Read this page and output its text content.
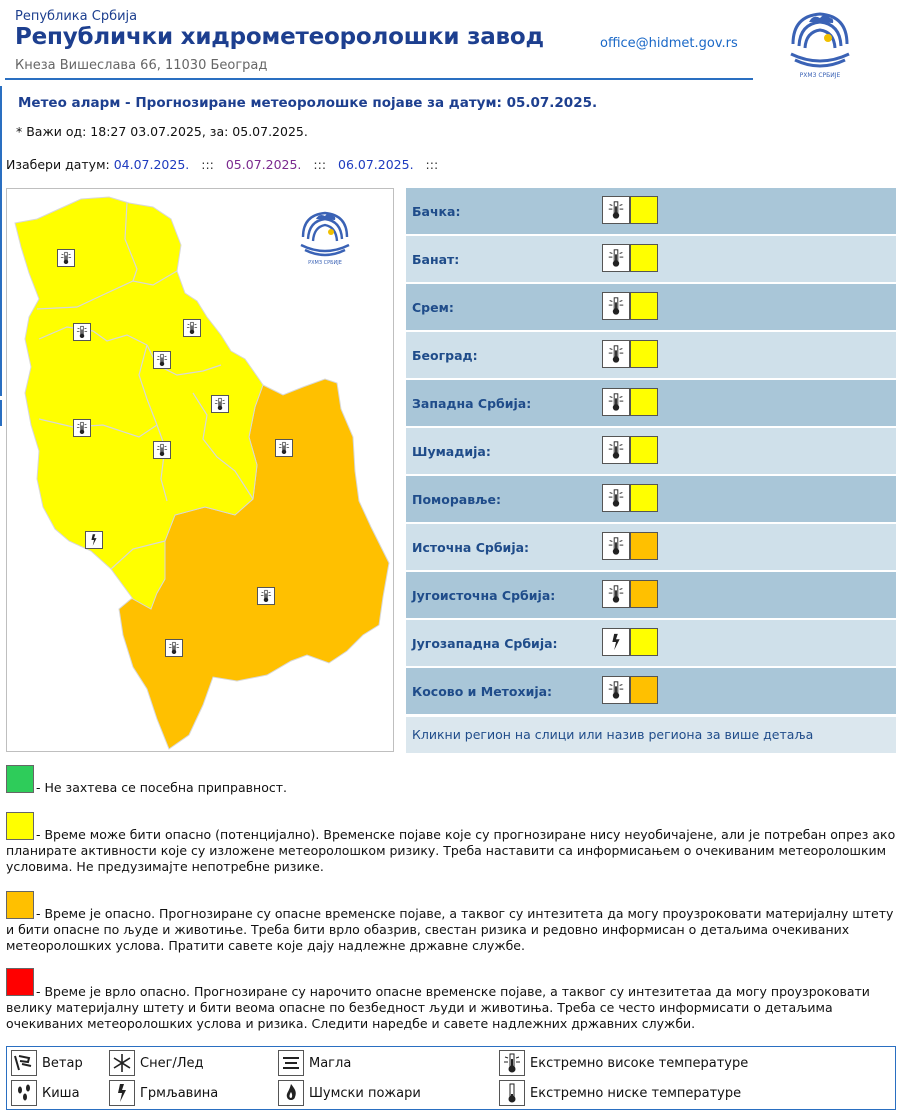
Република Србија
Републички хидрометеоролошки завод
Кнеза Вишеслава 66, 11030 Београд
office@hidmet.gov.rs
РХМЗ СРБИЈЕ
Метео аларм - Прогнозиране метеоролошке појаве за датум: 05.07.2025.
* Важи од: 18:27 03.07.2025, за: 05.07.2025.
Изабери датум: 04.07.2025. ::: 05.07.2025. ::: 06.07.2025. :::
РХМЗ СРБИЈЕ
Бачка:
Банат:
Срем:
Београд:
Западна Србија:
Шумадија:
Поморавље:
Источна Србија:
Југоисточна Србија:
Југозападна Србија:
Косово и Метохија:
Кликни регион на слици или назив региона за више детаља
- Не захтева се посебна приправност.
- Време може бити опасно (потенцијално). Временске појаве које су прогнозиране нису неуобичајене, али је потребан опрез ако планирате активности које су изложене метеоролошком ризику. Треба наставити са информисањем о очекиваним метеоролошким условима. Не предузимајте непотребне ризике.
- Време је опасно. Прогнозиране су опасне временске појаве, а таквог су интезитета да могу проузроковати материјалну штету и бити опасне по људе и животиње. Треба бити врло обазрив, свестан ризика и редовно информисан о детаљима очекиваних метеоролошких услова. Пратити савете које дају надлежне државне службе.
- Време је врло опасно. Прогнозиране су нарочито опасне временске појаве, а таквог су интезитетаа да могу проузроковати велику материјалну штету и бити веома опасне по безбедност људи и животиња. Треба се често информисати о детаљима очекиваних метеоролошких услова и ризика. Следити наредбе и савете надлежних државних служби.
Ветар	Снег/Лед	Магла	Екстремно високе температуре
Киша	Грмљавина	Шумски пожари	Екстремно ниске температуре
